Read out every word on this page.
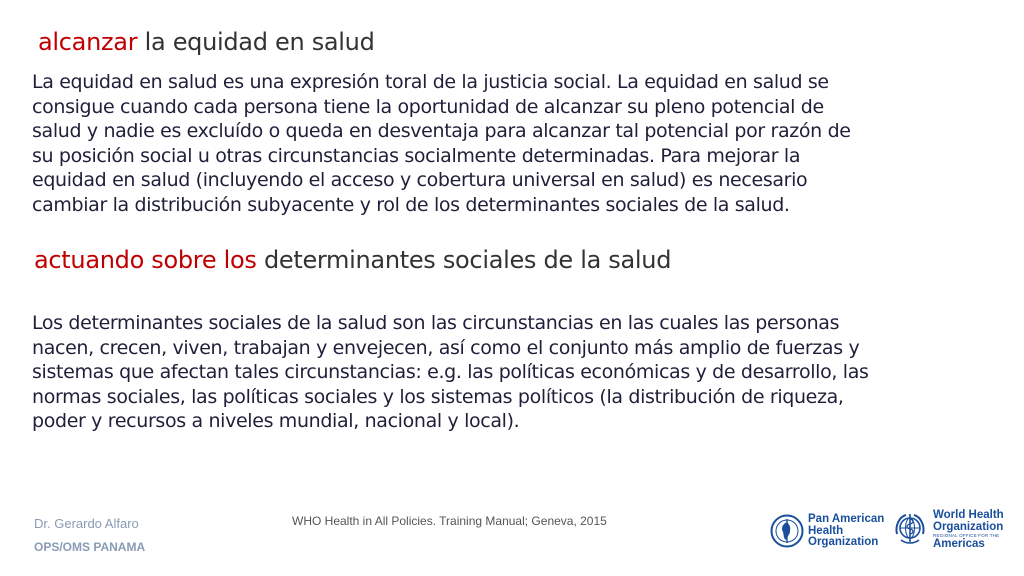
alcanzar la equidad en salud
La equidad en salud es una expresión toral de la justicia social. La equidad en salud se consigue cuando cada persona tiene la oportunidad de alcanzar su pleno potencial de salud y nadie es excluído o queda en desventaja para alcanzar tal potencial por razón de su posición social u otras circunstancias socialmente determinadas. Para mejorar la equidad en salud (incluyendo el acceso y cobertura universal en salud) es necesario cambiar la distribución subyacente y rol de los determinantes sociales de la salud.
actuando sobre los determinantes sociales de la salud
Los determinantes sociales de la salud son las circunstancias en las cuales las personas nacen, crecen, viven, trabajan y envejecen, así como el conjunto más amplio de fuerzas y sistemas que afectan tales circunstancias: e.g. las políticas económicas y de desarrollo, las normas sociales, las políticas sociales y los sistemas políticos (la distribución de riqueza, poder y recursos a niveles mundial, nacional y local).
WHO Health in All Policies. Training Manual; Geneva, 2015
Dr. Gerardo Alfaro
OPS/OMS PANAMA
Pan American
Health
Organization
World Health
Organization
REGIONAL OFFICE FOR THE
Americas
